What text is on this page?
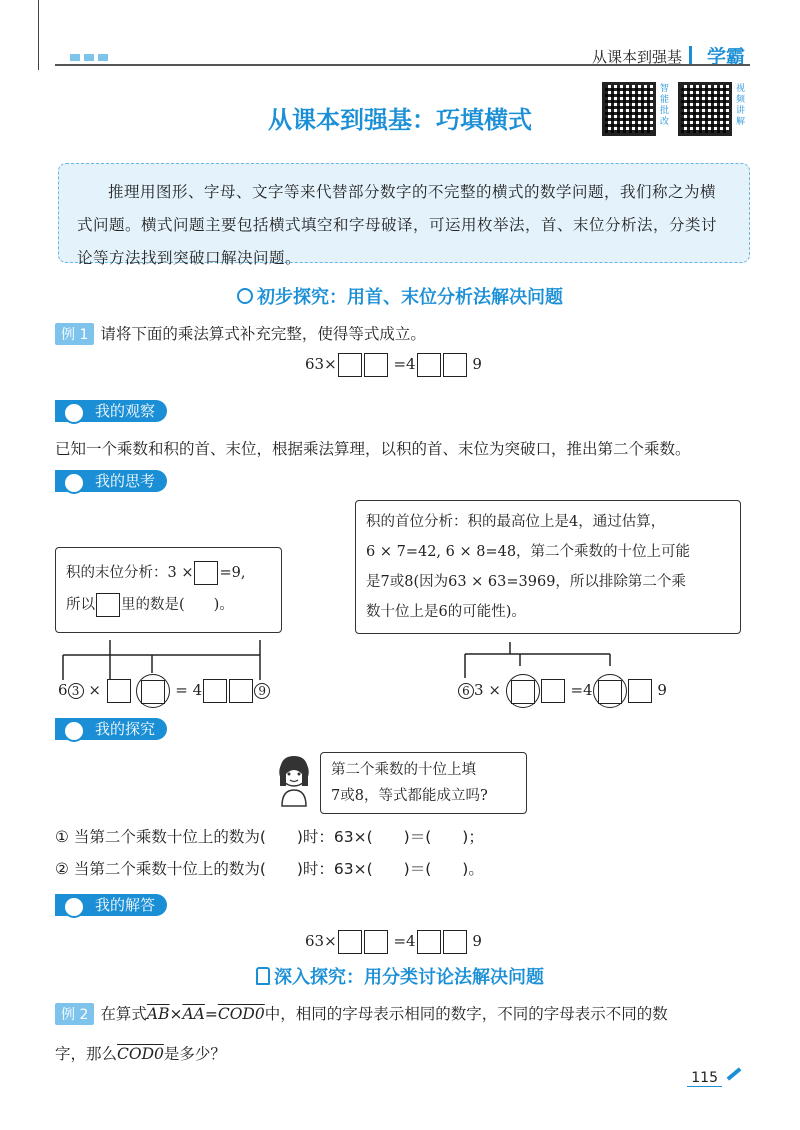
从课本到强基 学霸
从课本到强基：巧填横式
智能批改
视频讲解

推理用图形、字母、文字等来代替部分数字的不完整的横式的数学问题，我们称之为横式问题。横式问题主要包括横式填空和字母破译，可运用枚举法，首、末位分析法，分类讨论等方法找到突破口解决问题。

初步探究：用首、末位分析法解决问题
例 1 请将下面的乘法算式补充完整，使得等式成立。
63×	=4	9
我的观察
已知一个乘数和积的首、末位，根据乘法算理，以积的首、末位为突破口，推出第二个乘数。
我的思考

积的末位分析：3 × =9,

所以 里的数是(　　)。

积的首位分析：积的最高位上是4，通过估算，

6 × 7=42, 6 × 8=48，第二个乘数的十位上可能

是7或8(因为63 × 63=3969，所以排除第二个乘

数十位上是6的可能性)。

6 3 ×	= 4	9	6 3 ×	=4	9
我的探究

第二个乘数的十位上填

7或8，等式都能成立吗?

① 当第二个乘数十位上的数为(　　)时：63×(　　)＝(　　)；
② 当第二个乘数十位上的数为(　　)时：63×(　　)＝(　　)。
我的解答
63×	=4	9
深入探究：用分类讨论法解决问题
例 2 在算式$\overline{AB}\times\overline{AA}=COD0$中，相同的字母表示相同的数字，不同的字母表示不同的数
字，那么COD0是多少？
115
